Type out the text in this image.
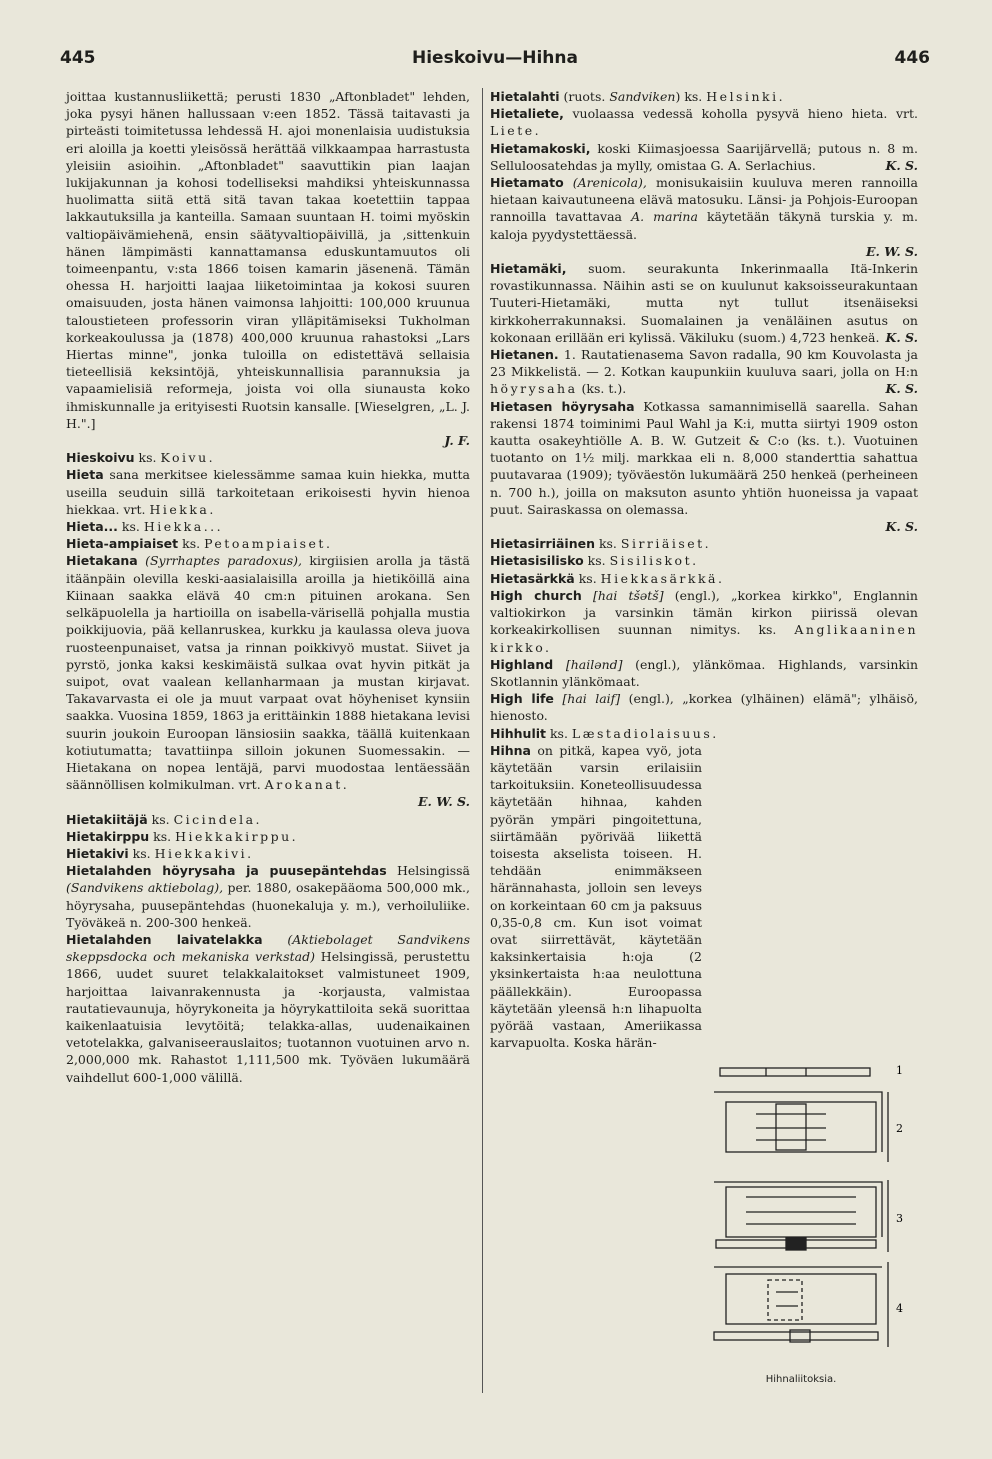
445	Hieskoivu—Hihna	446

joittaa kustannusliikettä; perusti 1830 „Aftonbladet" lehden, joka pysyi hänen hallussaan v:een 1852. Tässä taitavasti ja pirteästi toimitetussa lehdessä H. ajoi monenlaisia uudistuksia eri aloilla ja koetti yleisössä herättää vilkkaampaa harrastusta yleisiin asioihin. „Aftonbladet" saavuttikin pian laajan lukijakunnan ja kohosi todelliseksi mahdiksi yhteiskunnassa huolimatta siitä että sitä tavan takaa koetettiin tappaa lakkautuksilla ja kanteilla. Samaan suuntaan H. toimi myöskin valtiopäivämiehenä, ensin säätyvaltiopäivillä, ja ,sittenkuin hänen lämpimästi kannattamansa eduskuntamuutos oli toimeenpantu, v:sta 1866 toisen kamarin jäsenenä. Tämän ohessa H. harjoitti laajaa liiketoimintaa ja kokosi suuren omaisuuden, josta hänen vaimonsa lahjoitti: 100,000 kruunua taloustieteen professorin viran ylläpitämiseksi Tukholman korkeakoulussa ja (1878) 400,000 kruunua rahastoksi „Lars Hiertas minne", jonka tuloilla on edistettävä sellaisia tieteellisiä keksintöjä, yhteiskunnallisia parannuksia ja vapaamielisiä reformeja, joista voi olla siunausta koko ihmiskunnalle ja erityisesti Ruotsin kansalle. [Wieselgren, „L. J. H.".]
J. F.

Hieskoivu ks. Koivu.

Hieta sana merkitsee kielessämme samaa kuin hiekka, mutta useilla seuduin sillä tarkoitetaan erikoisesti hyvin hienoa hiekkaa. vrt. Hiekka.

Hieta... ks. Hiekka...

Hieta-ampiaiset ks. Petoampiaiset.

Hietakana (Syrrhaptes paradoxus), kirgiisien arolla ja tästä itäänpäin olevilla keski-aasialaisilla aroilla ja hietiköillä aina Kiinaan saakka elävä 40 cm:n pituinen arokana. Sen selkäpuolella ja hartioilla on isabella-värisellä pohjalla mustia poikkijuovia, pää kellanruskea, kurkku ja kaulassa oleva juova ruosteenpunaiset, vatsa ja rinnan poikkivyö mustat. Siivet ja pyrstö, jonka kaksi keskimäistä sulkaa ovat hyvin pitkät ja suipot, ovat vaalean kellanharmaan ja mustan kirjavat. Takavarvasta ei ole ja muut varpaat ovat höyheniset kynsiin saakka. Vuosina 1859, 1863 ja erittäinkin 1888 hietakana levisi suurin joukoin Euroopan länsiosiin saakka, täällä kuitenkaan kotiutumatta; tavattiinpa silloin jokunen Suomessakin. — Hietakana on nopea lentäjä, parvi muodostaa lentäessään säännöllisen kolmikulman. vrt. Arokanat.
E. W. S.

Hietakiitäjä ks. Cicindela.

Hietakirppu ks. Hiekkakirppu.

Hietakivi ks. Hiekkakivi.

Hietalahden höyrysaha ja puusepäntehdas Helsingissä (Sandvikens aktiebolag), per. 1880, osakepääoma 500,000 mk., höyrysaha, puusepäntehdas (huonekaluja y. m.), verhoiluliike. Työväkeä n. 200-300 henkeä.

Hietalahden laivatelakka (Aktiebolaget Sandvikens skeppsdocka och mekaniska verkstad) Helsingissä, perustettu 1866, uudet suuret telakkalaitokset valmistuneet 1909, harjoittaa laivanrakennusta ja -korjausta, valmistaa rautatievaunuja, höyrykoneita ja höyrykattiloita sekä suorittaa kaikenlaatuisia levytöitä; telakka-allas, uudenaikainen vetotelakka, galvaniseerauslaitos; tuotannon vuotuinen arvo n. 2,000,000 mk. Rahastot 1,111,500 mk. Työväen lukumäärä vaihdellut 600-1,000 välillä.

Hietalahti (ruots. Sandviken) ks. Helsinki.

Hietaliete, vuolaassa vedessä koholla pysyvä hieno hieta. vrt. Liete.

Hietamakoski, koski Kiimasjoessa Saarijärvellä; putous n. 8 m. Selluloosatehdas ja mylly, omistaa G. A. Serlachius.	K. S.

Hietamato (Arenicola), monisukaisiin kuuluva meren rannoilla hietaan kaivautuneena elävä matosuku. Länsi- ja Pohjois-Euroopan rannoilla tavattavaa A. marina käytetään täkynä turskia y. m. kaloja pyydystettäessä.
E. W. S.

Hietamäki, suom. seurakunta Inkerinmaalla Itä-Inkerin rovastikunnassa. Näihin asti se on kuulunut kaksoisseurakuntaan Tuuteri-Hietamäki, mutta nyt tullut itsenäiseksi kirkkoherrakunnaksi. Suomalainen ja venäläinen asutus on kokonaan erillään eri kylissä. Väkiluku (suom.) 4,723 henkeä. K. S.

Hietanen. 1. Rautatienasema Savon radalla, 90 km Kouvolasta ja 23 Mikkelistä. — 2. Kotkan kaupunkiin kuuluva saari, jolla on H:n höyrysaha (ks. t.).	K. S.

Hietasen höyrysaha Kotkassa samannimisellä saarella. Sahan rakensi 1874 toiminimi Paul Wahl ja K:i, mutta siirtyi 1909 oston kautta osakeyhtiölle A. B. W. Gutzeit & C:o (ks. t.). Vuotuinen tuotanto on 1½ milj. markkaa eli n. 8,000 standerttia sahattua puutavaraa (1909); työväestön lukumäärä 250 henkeä (perheineen n. 700 h.), joilla on maksuton asunto yhtiön huoneissa ja vapaat puut. Sairaskassa on olemassa.
K. S.

Hietasirriäinen ks. Sirriäiset.

Hietasisilisko ks. Sisiliskot.

Hietasärkkä ks. Hiekkasärkkä.

High church [hai tšətš] (engl.), „korkea kirkko", Englannin valtiokirkon ja varsinkin tämän kirkon piirissä olevan korkeakirkollisen suunnan nimitys. ks. Anglikaaninen kirkko.

Highland [hailənd] (engl.), ylänkömaa. Highlands, varsinkin Skotlannin ylänkömaat.

High life [hai laif] (engl.), „korkea (ylhäinen) elämä"; ylhäisö, hienosto.

Hihhulit ks. Læstadiolaisuus.

Hihna on pitkä, kapea vyö, jota käytetään varsin erilaisiin tarkoituksiin. Koneteollisuudessa käytetään hihnaa, kahden pyörän ympäri pingoitettuna, siirtämään pyörivää liikettä toisesta akselista toiseen. H. tehdään enimmäkseen härännahasta, jolloin sen leveys on korkeintaan 60 cm ja paksuus 0,35-0,8 cm. Kun isot voimat ovat siirrettävät, käytetään kaksinkertaisia h:oja (2 yksinkertaista h:aa neulottuna päällekkäin). Euroopassa käytetään yleensä h:n lihapuolta pyörää vastaan, Ameriikassa karvapuolta. Koska härän-

1
2
3
4
Hihnaliitoksia.
